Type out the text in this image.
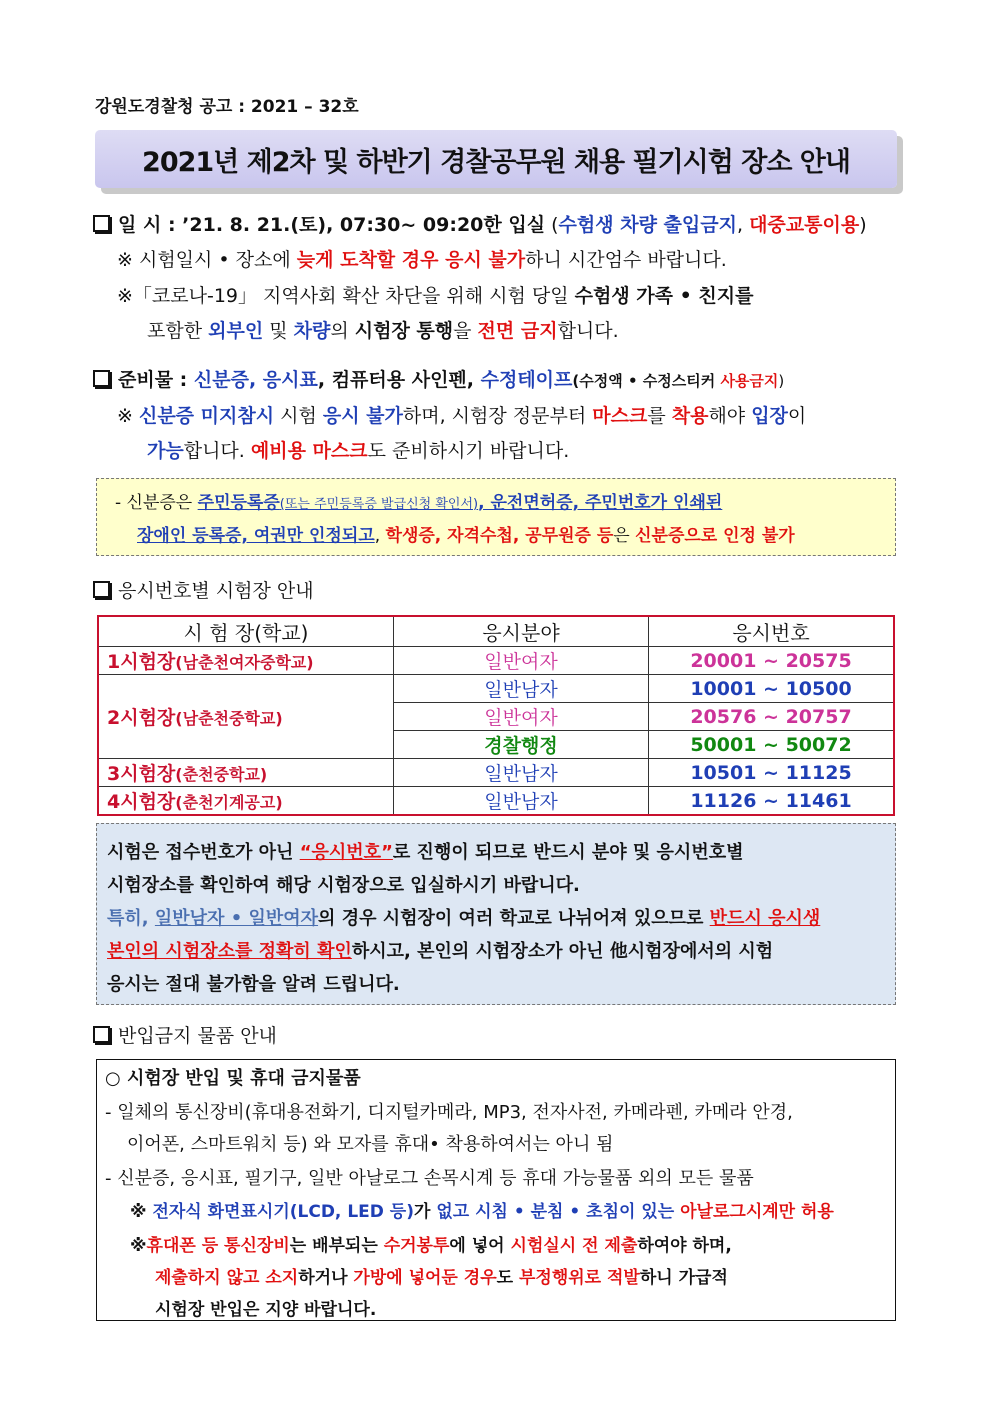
강원도경찰청 공고 : 2021 – 32호
2021년 제2차 및 하반기 경찰공무원 채용 필기시험 장소 안내
일 시 : ’21. 8. 21.(토), 07:30~ 09:20한 입실 (수험생 차량 출입금지, 대중교통이용)
※ 시험일시 • 장소에 늦게 도착할 경우 응시 불가하니 시간엄수 바랍니다.
※「코로나-19」 지역사회 확산 차단을 위해 시험 당일 수험생 가족 • 친지를
포함한 외부인 및 차량의 시험장 통행을 전면 금지합니다.
준비물 : 신분증, 응시표, 컴퓨터용 사인펜, 수정테이프(수정액 • 수정스티커 사용금지)
※ 신분증 미지참시 시험 응시 불가하며, 시험장 정문부터 마스크를 착용해야 입장이
가능합니다. 예비용 마스크도 준비하시기 바랍니다.
- 신분증은 주민등록증(또는 주민등록증 발급신청 확인서), 운전면허증, 주민번호가 인쇄된
장애인 등록증, 여권만 인정되고, 학생증, 자격수첩, 공무원증 등은 신분증으로 인정 불가
응시번호별 시험장 안내
시 험 장(학교)	응시분야	응시번호
1시험장(남춘천여자중학교)	일반여자	20001 ~ 20575
2시험장(남춘천중학교)	일반남자	10001 ~ 10500
	일반여자	20576 ~ 20757
	경찰행정	50001 ~ 50072
3시험장(춘천중학교)	일반남자	10501 ~ 11125
4시험장(춘천기계공고)	일반남자	11126 ~ 11461

시험은 접수번호가 아닌 “응시번호”로 진행이 되므로 반드시 분야 및 응시번호별

시험장소를 확인하여 해당 시험장으로 입실하시기 바랍니다.

특히, 일반남자 • 일반여자의 경우 시험장이 여러 학교로 나뉘어져 있으므로 반드시 응시생

본인의 시험장소를 정확히 확인하시고, 본인의 시험장소가 아닌 他시험장에서의 시험

응시는 절대 불가함을 알려 드립니다.

반입금지 물품 안내
○ 시험장 반입 및 휴대 금지물품
- 일체의 통신장비(휴대용전화기, 디지털카메라, MP3, 전자사전, 카메라펜, 카메라 안경,
이어폰, 스마트워치 등) 와 모자를 휴대• 착용하여서는 아니 됨
- 신분증, 응시표, 필기구, 일반 아날로그 손목시계 등 휴대 가능물품 외의 모든 물품
※ 전자식 화면표시기(LCD, LED 등)가 없고 시침 • 분침 • 초침이 있는 아날로그시계만 허용
※휴대폰 등 통신장비는 배부되는 수거봉투에 넣어 시험실시 전 제출하여야 하며,
제출하지 않고 소지하거나 가방에 넣어둔 경우도 부정행위로 적발하니 가급적
시험장 반입은 지양 바랍니다.
